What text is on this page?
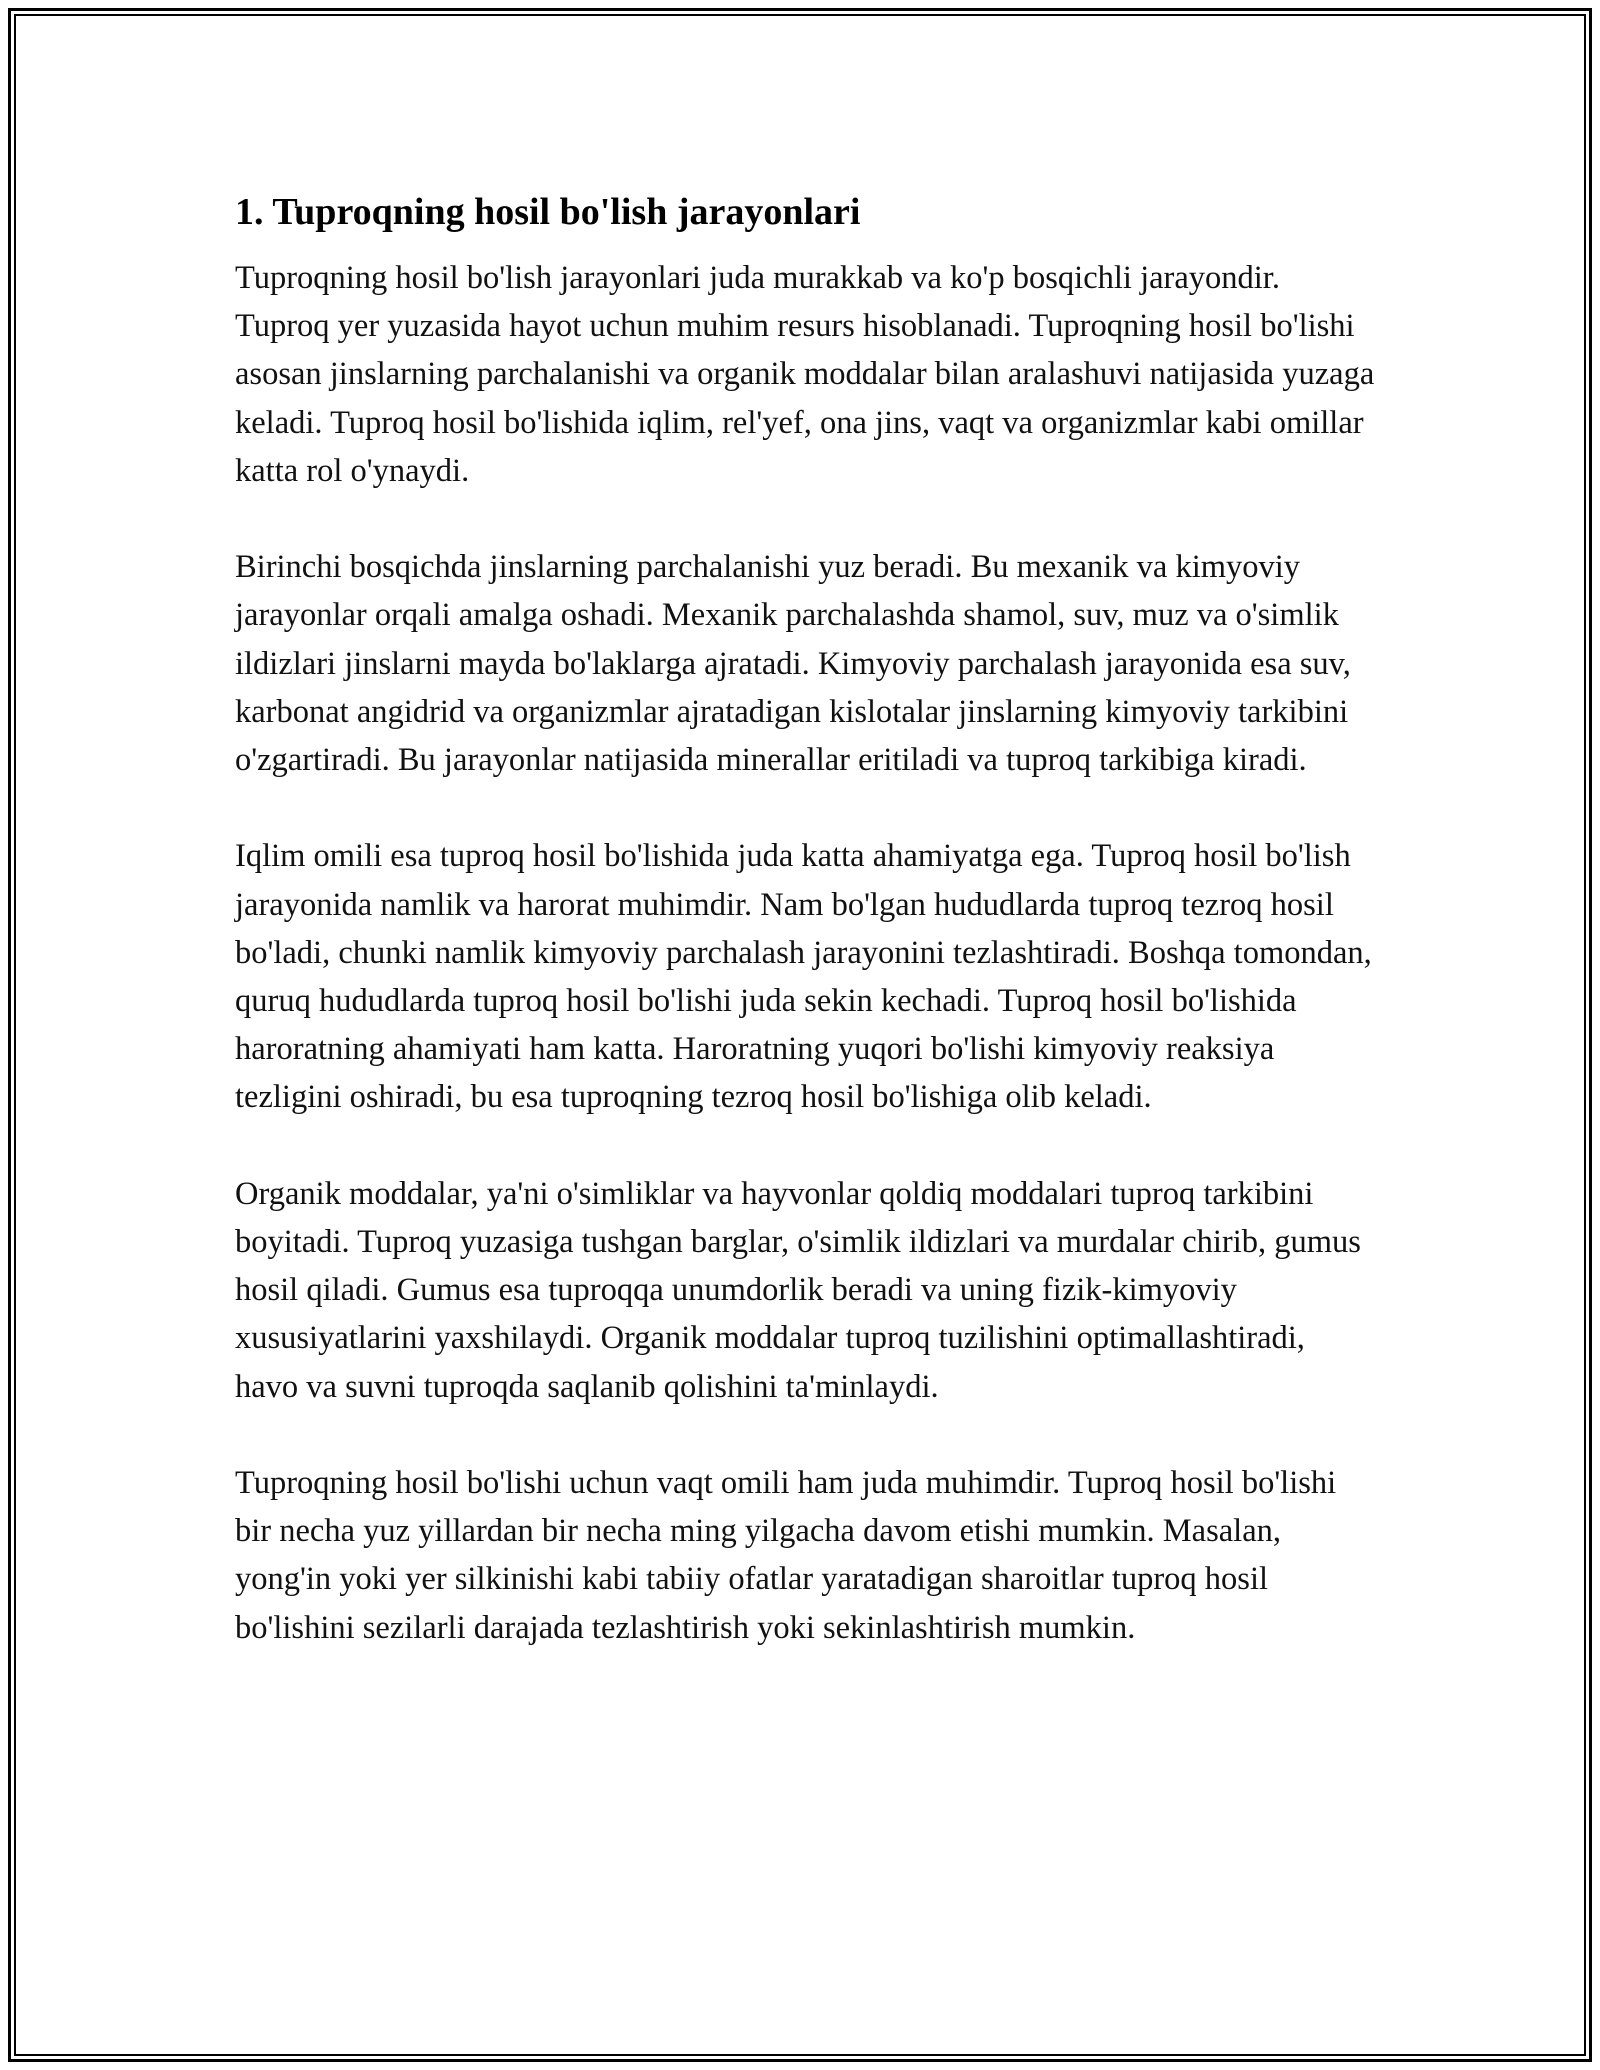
1. Tuproqning hosil bo'lish jarayonlari

Tuproqning hosil bo'lish jarayonlari juda murakkab va ko'p bosqichli jarayondir. Tuproq yer yuzasida hayot uchun muhim resurs hisoblanadi. Tuproqning hosil bo'lishi asosan jinslarning parchalanishi va organik moddalar bilan aralashuvi natijasida yuzaga keladi. Tuproq hosil bo'lishida iqlim, rel'yef, ona jins, vaqt va organizmlar kabi omillar katta rol o'ynaydi.

Birinchi bosqichda jinslarning parchalanishi yuz beradi. Bu mexanik va kimyoviy jarayonlar orqali amalga oshadi. Mexanik parchalashda shamol, suv, muz va o'simlik ildizlari jinslarni mayda bo'laklarga ajratadi. Kimyoviy parchalash jarayonida esa suv, karbonat angidrid va organizmlar ajratadigan kislotalar jinslarning kimyoviy tarkibini o'zgartiradi. Bu jarayonlar natijasida minerallar eritiladi va tuproq tarkibiga kiradi.

Iqlim omili esa tuproq hosil bo'lishida juda katta ahamiyatga ega. Tuproq hosil bo'lish jarayonida namlik va harorat muhimdir. Nam bo'lgan hududlarda tuproq tezroq hosil bo'ladi, chunki namlik kimyoviy parchalash jarayonini tezlashtiradi. Boshqa tomondan, quruq hududlarda tuproq hosil bo'lishi juda sekin kechadi. Tuproq hosil bo'lishida haroratning ahamiyati ham katta. Haroratning yuqori bo'lishi kimyoviy reaksiya tezligini oshiradi, bu esa tuproqning tezroq hosil bo'lishiga olib keladi.

Organik moddalar, ya'ni o'simliklar va hayvonlar qoldiq moddalari tuproq tarkibini boyitadi. Tuproq yuzasiga tushgan barglar, o'simlik ildizlari va murdalar chirib, gumus hosil qiladi. Gumus esa tuproqqa unumdorlik beradi va uning fizik-kimyoviy xususiyatlarini yaxshilaydi. Organik moddalar tuproq tuzilishini optimallashtiradi, havo va suvni tuproqda saqlanib qolishini ta'minlaydi.

Tuproqning hosil bo'lishi uchun vaqt omili ham juda muhimdir. Tuproq hosil bo'lishi bir necha yuz yillardan bir necha ming yilgacha davom etishi mumkin. Masalan, yong'in yoki yer silkinishi kabi tabiiy ofatlar yaratadigan sharoitlar tuproq hosil bo'lishini sezilarli darajada tezlashtirish yoki sekinlashtirish mumkin.
